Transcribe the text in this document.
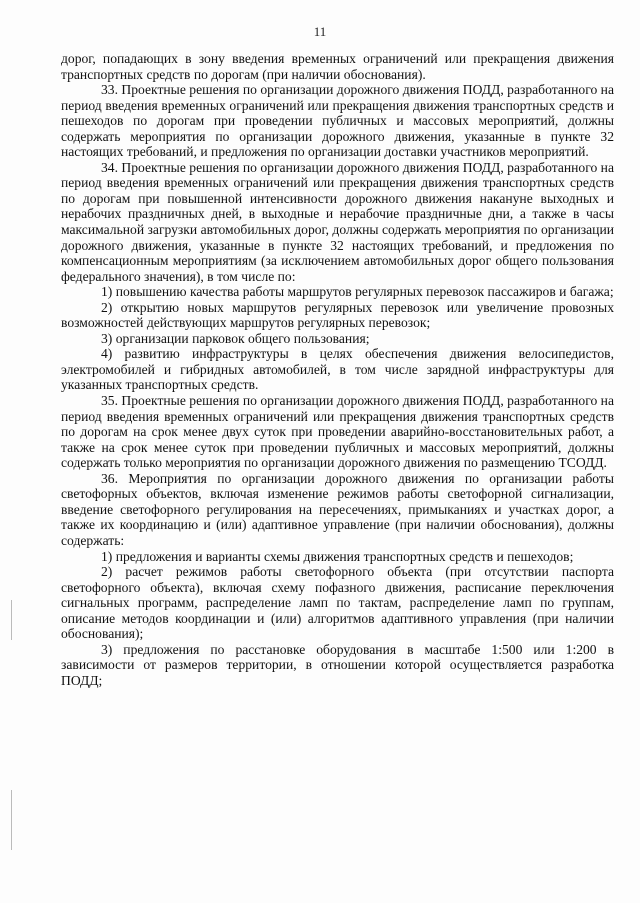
11

дорог, попадающих в зону введения временных ограничений или прекращения движения транспортных средств по дорогам (при наличии обоснования).

33. Проектные решения по организации дорожного движения ПОДД, разработанного на период введения временных ограничений или прекращения движения транспортных средств и пешеходов по дорогам при проведении публичных и массовых мероприятий, должны содержать мероприятия по организации дорожного движения, указанные в пункте 32 настоящих требований, и предложения по организации доставки участников мероприятий.

34. Проектные решения по организации дорожного движения ПОДД, разработанного на период введения временных ограничений или прекращения движения транспортных средств по дорогам при повышенной интенсивности дорожного движения накануне выходных и нерабочих праздничных дней, в выходные и нерабочие праздничные дни, а также в часы максимальной загрузки автомобильных дорог, должны содержать мероприятия по организации дорожного движения, указанные в пункте 32 настоящих требований, и предложения по компенсационным мероприятиям (за исключением автомобильных дорог общего пользования федерального значения), в том числе по:

1) повышению качества работы маршрутов регулярных перевозок пассажиров и багажа;

2) открытию новых маршрутов регулярных перевозок или увеличение провозных возможностей действующих маршрутов регулярных перевозок;

3) организации парковок общего пользования;

4) развитию инфраструктуры в целях обеспечения движения велосипедистов, электромобилей и гибридных автомобилей, в том числе зарядной инфраструктуры для указанных транспортных средств.

35. Проектные решения по организации дорожного движения ПОДД, разработанного на период введения временных ограничений или прекращения движения транспортных средств по дорогам на срок менее двух суток при проведении аварийно-восстановительных работ, а также на срок менее суток при проведении публичных и массовых мероприятий, должны содержать только мероприятия по организации дорожного движения по размещению ТСОДД.

36. Мероприятия по организации дорожного движения по организации работы светофорных объектов, включая изменение режимов работы светофорной сигнализации, введение светофорного регулирования на пересечениях, примыканиях и участках дорог, а также их координацию и (или) адаптивное управление (при наличии обоснования), должны содержать:

1) предложения и варианты схемы движения транспортных средств и пешеходов;

2) расчет режимов работы светофорного объекта (при отсутствии паспорта светофорного объекта), включая схему пофазного движения, расписание переключения сигнальных программ, распределение ламп по тактам, распределение ламп по группам, описание методов координации и (или) алгоритмов адаптивного управления (при наличии обоснования);

3) предложения по расстановке оборудования в масштабе 1:500 или 1:200 в зависимости от размеров территории, в отношении которой осуществляется разработка ПОДД;
